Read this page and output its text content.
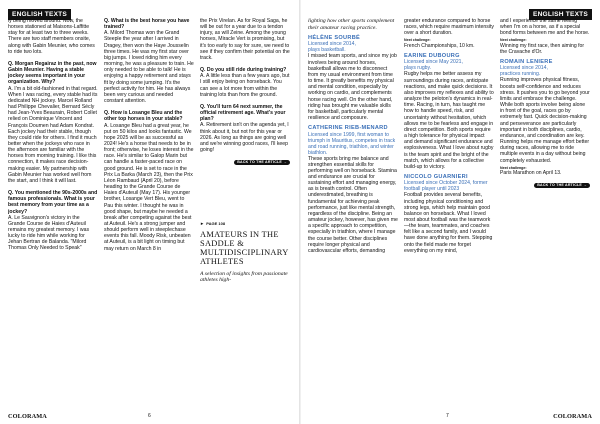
ENGLISH TEXTS

ly being moved around. Now, the horses stationed at Maisons-Laffitte stay for at least two to three weeks. There are two staff members onsite, along with Gabin Meunier, who comes to ride two lots.

Q. Morgan Regairaz in the past, now Gabin Meunier. Having a stable jockey seems important in your organization. Why?

A. I'm a bit old-fashioned in that regard. When I was racing, every stable had its dedicated NH jockey. Marcel Rolland had Philippe Chevalier, Bernard Sécly had Jean-Yves Beaurain, Robert Collet relied on Dominique Vincent and François Doumen had Adam Kondrat. Each jockey had their stable, though they could ride for others. I find it much better when the jockeys who race in the afternoon are familiar with the horses from morning training. I like this connection, it makes race decision-making easier. My partnership with Gabin Meunier has worked well from the start, and I think it will last.

Q. You mentioned the 90s-2000s and famous professionals. What is your best memory from your time as a jockey?

A. Le Sauvignon's victory in the Grande Course de Haies d'Auteuil remains my greatest memory. I was lucky to ride him while working for Jehan Bertran de Balanda. "Milord Thomas Only Needed to Speak"

Q. What is the best horse you have trained?

A. Milord Thomas won the Grand Steeple the year after I arrived in Dragey, then won the Haye Jousselin three times. He was my first star over big jumps. I loved riding him every morning, he was a pleasure to train. He only needed to be able to talk! He is enjoying a happy retirement and stays fit by doing some jumping. It's the perfect activity for him. He has always been very curious and needed constant attention.

Q. How is Losange Bleu and the other top horses in your stable?

A. Losange Bleu had a great year, he put on 50 kilos and looks fantastic. We hope 2025 will be as successful as 2024! He's a horse that needs to be in front; otherwise, he loses interest in the race. He's similar to Galop Marin but can handle a faster-paced race on good ground. He is set to race in the Prix La Barka (March 23), then the Prix Léon Rambaud (April 20), before heading to the Grande Course de Haies d'Auteuil (May 17). His younger brother, Losange Vert Bleu, went to Pau this winter. I thought he was in good shape, but maybe he needed a break after competing against the best at Auteuil. He's a strong jumper and should perform well in steeplechase events this fall. Moody Risk, unbeaten at Auteuil, is a bit light on timing but may return on March 8 in

the Prix Virelan. As for Royal Saga, he will be out for a year due to a tendon injury, as will Zeine. Among the young horses, Miracle Vert is promising, but it's too early to say for sure, we need to see if they confirm their potential on the track.

Q. Do you still ride during training?

A. A little less than a few years ago, but I still enjoy being on horseback. You can see a lot more from within the training lots than from the ground.

Q. You'll turn 64 next summer, the official retirement age. What's your plan?

A. Retirement isn't on the agenda yet, I think about it, but not for this year or 2026. As long as things are going well and we're winning good races, I'll keep going!

BACK TO THE ARTICLE →
► PAGE 108
AMATEURS IN THE SADDLE & MULTIDISCIPLINARY ATHLETES

A selection of insights from passionate athletes high-

COLORAMA	6
ENGLISH TEXTS

lighting how other sports complement their amateur racing practice.

HÉLÈNE SOURBÉ
Licensed since 2014,
plays basketball.

I missed team sports, and since my job involves being around horses, basketball allows me to disconnect from my usual environment from time to time. It greatly benefits my physical and mental condition, especially by working on cardio, and complements horse racing well. On the other hand, riding has brought me valuable skills for basketball, particularly mental resilience and composure.

CATHERINE RIEB-MENARD
Licensed since 1999, first woman to triumph in Mauritius, competes in track and road running, triathlon, and winter biathlon.

These sports bring me balance and strengthen essential skills for performing well on horseback. Stamina and endurance are crucial for sustaining effort and managing energy, as is breath control. Often underestimated, breathing is fundamental for achieving peak performance, just like mental strength, regardless of the discipline. Being an amateur jockey, however, has given me a specific approach to competition, especially in triathlon, where I manage the course better. Other disciplines require longer physical and cardiovascular efforts, demanding

greater endurance compared to horse races, which require maximum intensity over a short duration.

Next challenge:
French Championships, 10 km.
EARINE DUBOURG
Licensed since May 2021,
plays rugby.

Rugby helps me better assess my surroundings during races, anticipate reactions, and make quick decisions. It also improves my reflexes and ability to analyze the peloton's dynamics in real-time. Racing, in turn, has taught me how to handle speed, risk, and uncertainty without hesitation, which allows me to be fearless and engage in direct competition. Both sports require a high tolerance for physical impact and demand significant endurance and explosiveness. What I love about rugby is the team spirit and the bright of the match, which allows for a collective build-up to victory.

NICCOLO GUARNIERI
Licensed since October 2024, former football player until 2023

Football provides several benefits, including physical conditioning and strong legs, which help maintain good balance on horseback. What I loved most about football was the teamwork—the team, teammates, and coaches felt like a second family, and I would have done anything for them. Stepping onto the field made me forget everything on my mind,

and I experience the same feeling when I'm on a horse, as if a special bond forms between me and the horse.

Next challenge:
Winning my first race, then aiming for the Cravache d'Or.
ROMAIN LENIERE
Licensed since 2014,
practices running.

Running improves physical fitness, boosts self-confidence and reduces stress. It pushes you to go beyond your limits and embrace the challenge. While both sports involve being alone in front of the goal, races go by extremely fast. Quick decision-making and perseverance are particularly important in both disciplines, cardio, endurance, and coordination are key. Running helps me manage effort better during races, allowing me to ride multiple events in a day without being completely exhausted.

Next challenge:
Paris Marathon on April 13.
BACK TO THE ARTICLE →
7	COLORAMA
